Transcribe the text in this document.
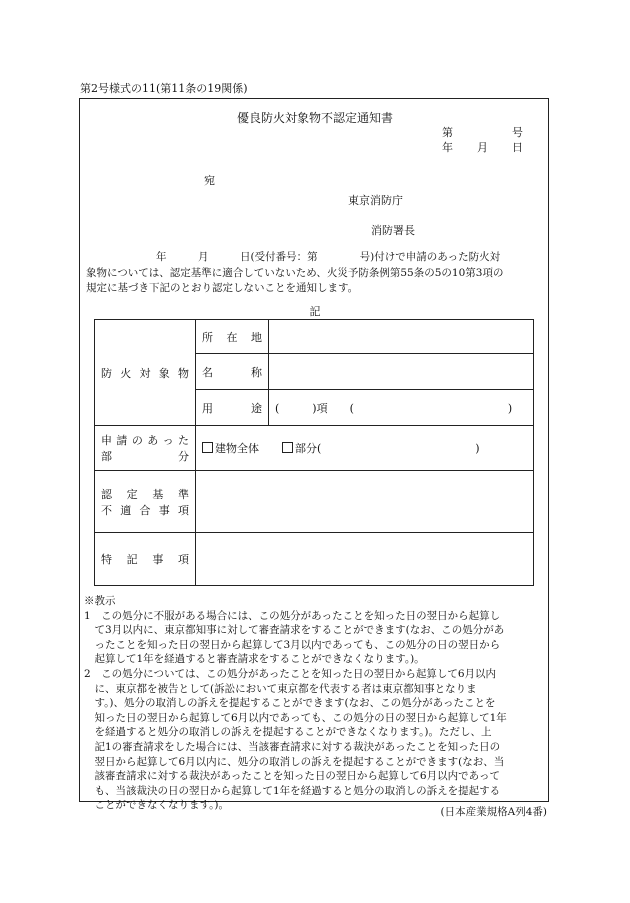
第2号様式の11(第11条の19関係)
優良防火対象物不認定通知書
第	号
年 月 日
宛
東京消防庁
消防署長
年　　　月　　　日(受付番号：第　　　　号)付けで申請のあった防火対
象物については、認定基準に適合していないため、火災予防条例第55条の5の10第3項の
規定に基づき下記のとおり認定しないことを通知します。
記
防火対象物	所在地	

	名称	

	用途	(　　　)項　　(　　　　　　　　　　　　　　)

申請のあった
部分	建物全体 部分(　　　　　　　　　　　　　　)	

認定基準
不適合事項		

特記事項		

※教示
1　この処分に不服がある場合には、この処分があったことを知った日の翌日から起算し
　て3月以内に、東京都知事に対して審査請求をすることができます(なお、この処分があ
　ったことを知った日の翌日から起算して3月以内であっても、この処分の日の翌日から
　起算して1年を経過すると審査請求をすることができなくなります。)。
2　この処分については、この処分があったことを知った日の翌日から起算して6月以内
　に、東京都を被告として(訴訟において東京都を代表する者は東京都知事となりま
　す。)、処分の取消しの訴えを提起することができます(なお、この処分があったことを
　知った日の翌日から起算して6月以内であっても、この処分の日の翌日から起算して1年
　を経過すると処分の取消しの訴えを提起することができなくなります。)。ただし、上
　記1の審査請求をした場合には、当該審査請求に対する裁決があったことを知った日の
　翌日から起算して6月以内に、処分の取消しの訴えを提起することができます(なお、当
　該審査請求に対する裁決があったことを知った日の翌日から起算して6月以内であって
　も、当該裁決の日の翌日から起算して1年を経過すると処分の取消しの訴えを提起する
　ことができなくなります。)。
(日本産業規格A列4番)
